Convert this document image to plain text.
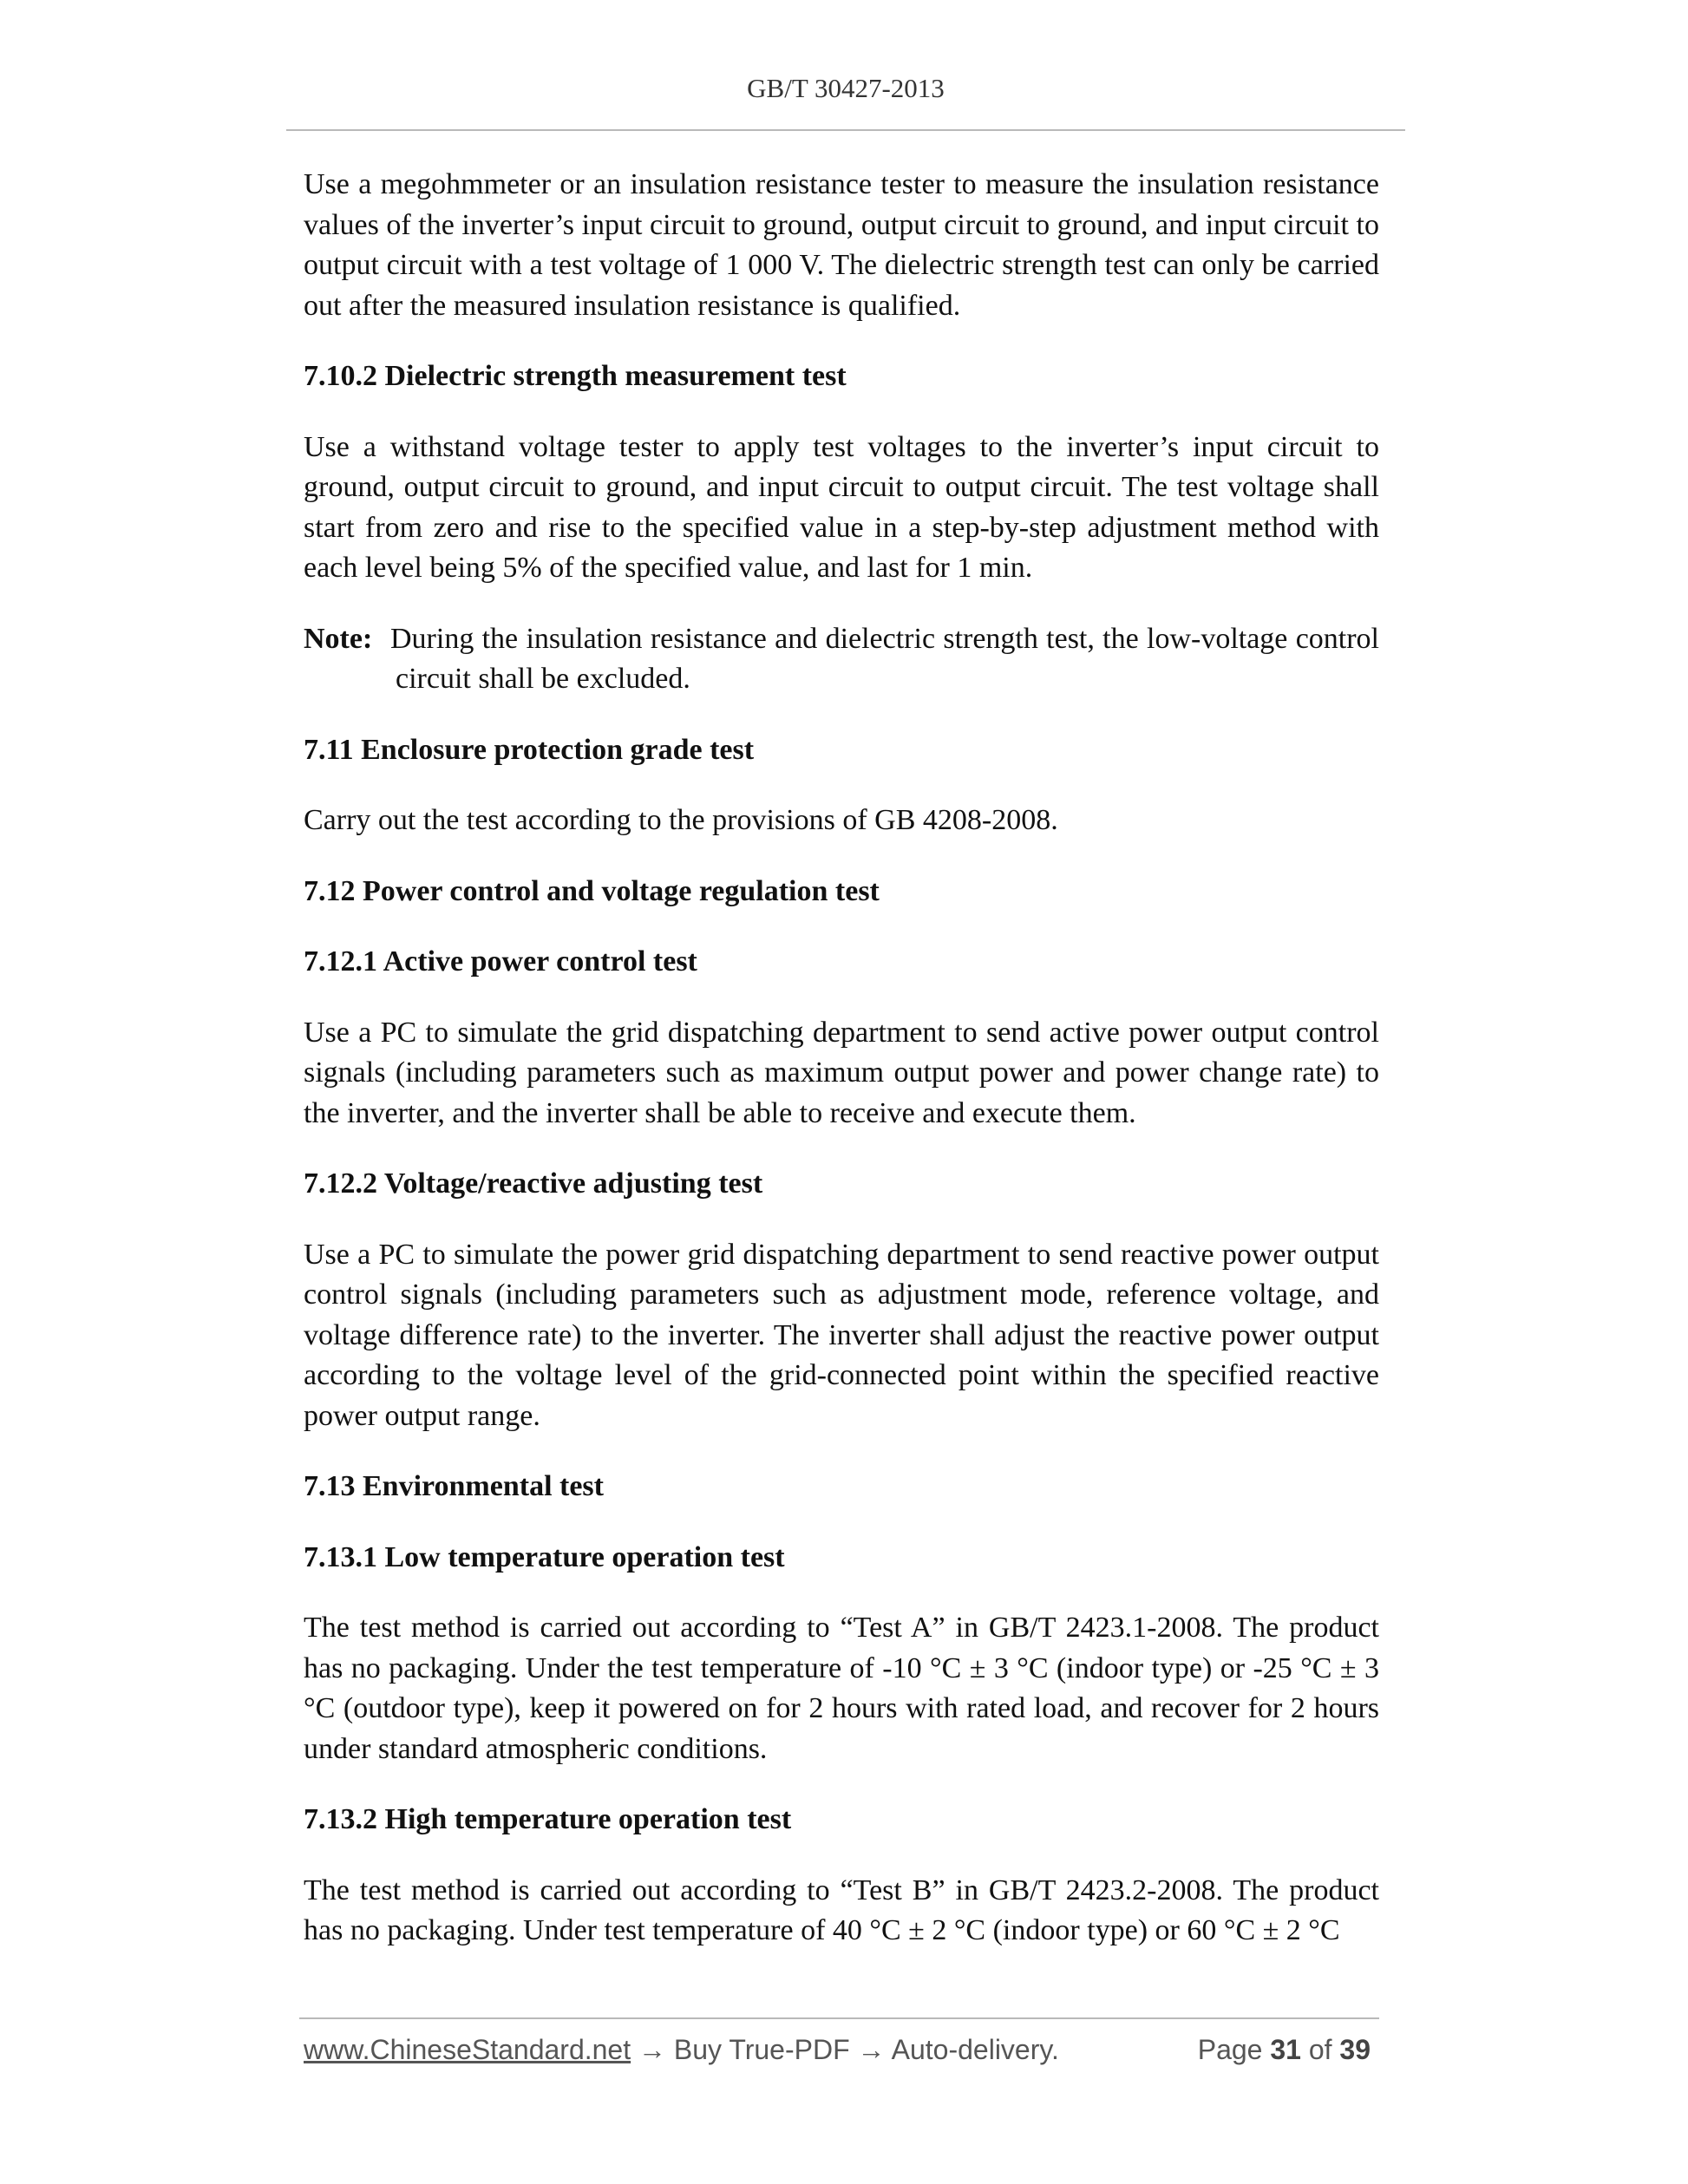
GB/T 30427-2013

Use a megohmmeter or an insulation resistance tester to measure the insulation resistance values of the inverter’s input circuit to ground, output circuit to ground, and input circuit to output circuit with a test voltage of 1 000 V. The dielectric strength test can only be carried out after the measured insulation resistance is qualified.

7.10.2 Dielectric strength measurement test

Use a withstand voltage tester to apply test voltages to the inverter’s input circuit to ground, output circuit to ground, and input circuit to output circuit. The test voltage shall start from zero and rise to the specified value in a step-by-step adjustment method with each level being 5% of the specified value, and last for 1 min.

Note: During the insulation resistance and dielectric strength test, the low-voltage control circuit shall be excluded.

7.11 Enclosure protection grade test

Carry out the test according to the provisions of GB 4208-2008.

7.12 Power control and voltage regulation test
7.12.1 Active power control test

Use a PC to simulate the grid dispatching department to send active power output control signals (including parameters such as maximum output power and power change rate) to the inverter, and the inverter shall be able to receive and execute them.

7.12.2 Voltage/reactive adjusting test

Use a PC to simulate the power grid dispatching department to send reactive power output control signals (including parameters such as adjustment mode, reference voltage, and voltage difference rate) to the inverter. The inverter shall adjust the reactive power output according to the voltage level of the grid-connected point within the specified reactive power output range.

7.13 Environmental test
7.13.1 Low temperature operation test

The test method is carried out according to “Test A” in GB/T 2423.1-2008. The product has no packaging. Under the test temperature of -10 °C ± 3 °C (indoor type) or -25 °C ± 3 °C (outdoor type), keep it powered on for 2 hours with rated load, and recover for 2 hours under standard atmospheric conditions.

7.13.2 High temperature operation test

The test method is carried out according to “Test B” in GB/T 2423.2-2008. The product has no packaging. Under test temperature of 40 °C ± 2 °C (indoor type) or 60 °C ± 2 °C

www.ChineseStandard.net → Buy True-PDF → Auto-delivery.	Page 31 of 39
